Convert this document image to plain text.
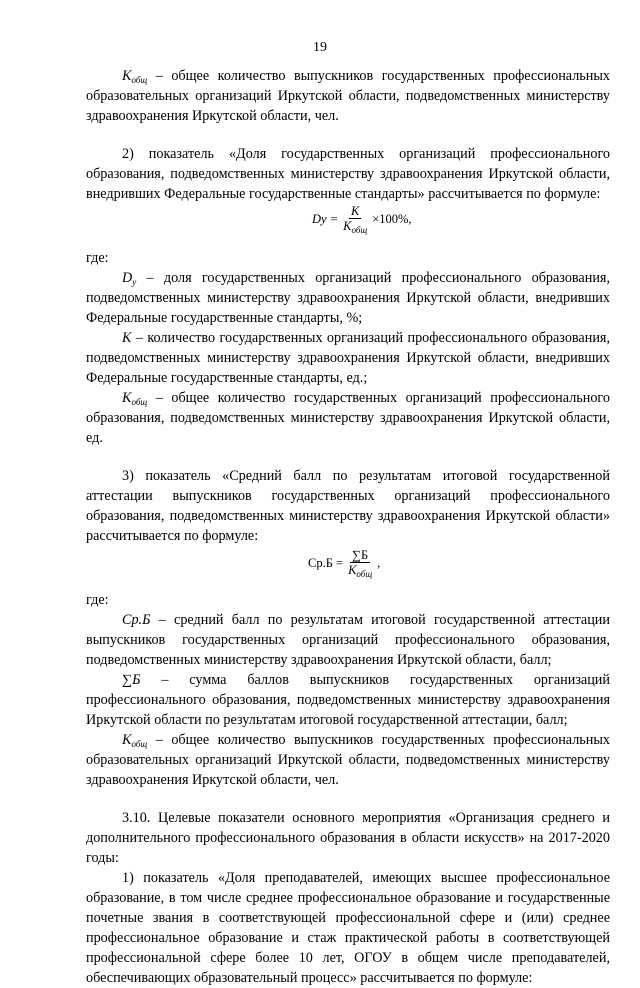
19

$K_{общ}$ – общее количество выпускников государственных профессиональных образовательных организаций Иркутской области, подведомственных министерству здравоохранения Иркутской области, чел.

2) показатель «Доля государственных организаций профессионального образования, подведомственных министерству здравоохранения Иркутской области, внедривших Федеральные государственные стандарты» рассчитывается по формуле:

Dу = $\frac{K}{K_{общ}} \times 100\%$,

где:

$D_у$ – доля государственных организаций профессионального образования, подведомственных министерству здравоохранения Иркутской области, внедривших Федеральные государственные стандарты, %;

K – количество государственных организаций профессионального образования, подведомственных министерству здравоохранения Иркутской области, внедривших Федеральные государственные стандарты, ед.;

$K_{общ}$ – общее количество государственных организаций профессионального образования, подведомственных министерству здравоохранения Иркутской области, ед.

3) показатель «Средний балл по результатам итоговой государственной аттестации выпускников государственных организаций профессионального образования, подведомственных министерству здравоохранения Иркутской области» рассчитывается по формуле:

$Ср.Б = \frac{\sum Б}{K_{общ}}$ ,

где:

Ср.Б – средний балл по результатам итоговой государственной аттестации выпускников государственных организаций профессионального образования, подведомственных министерству здравоохранения Иркутской области, балл;

∑Б – сумма баллов выпускников государственных организаций профессионального образования, подведомственных министерству здравоохранения Иркутской области по результатам итоговой государственной аттестации, балл;

$K_{общ}$ – общее количество выпускников государственных профессиональных образовательных организаций Иркутской области, подведомственных министерству здравоохранения Иркутской области, чел.

3.10. Целевые показатели основного мероприятия «Организация среднего и дополнительного профессионального образования в области искусств» на 2017-2020 годы:

1) показатель «Доля преподавателей, имеющих высшее профессиональное образование, в том числе среднее профессиональное образование и государственные почетные звания в соответствующей профессиональной сфере и (или) среднее профессиональное образование и стаж практической работы в соответствующей профессиональной сфере более 10 лет, ОГОУ в общем числе преподавателей, обеспечивающих образовательный процесс» рассчитывается по формуле:
